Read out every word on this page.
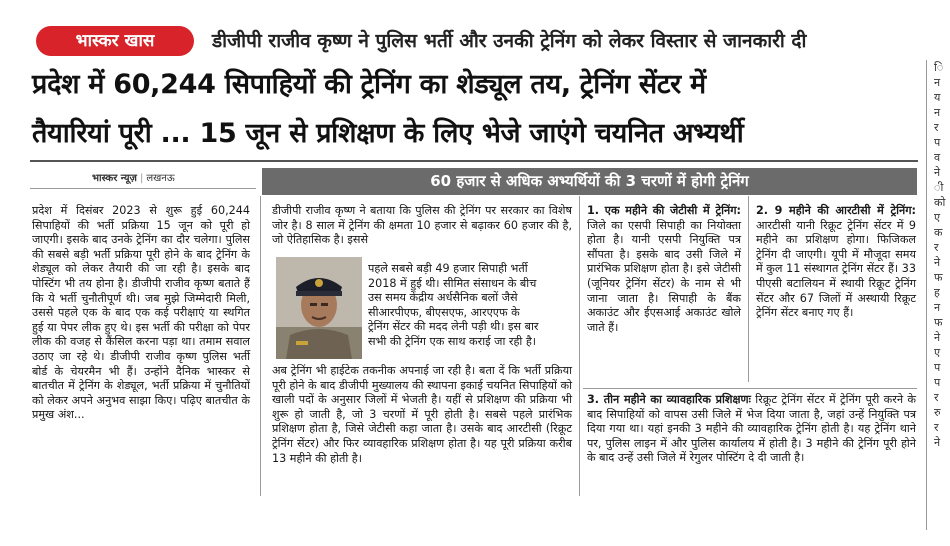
भास्कर खास	डीजीपी राजीव कृष्ण ने पुलिस भर्ती और उनकी ट्रेनिंग को लेकर विस्तार से जानकारी दी
प्रदेश में 60,244 सिपाहियों की ट्रेनिंग का शेड्यूल तय, ट्रेनिंग सेंटर में
तैयारियां पूरी ... 15 जून से प्रशिक्षण के लिए भेजे जाएंगे चयनित अभ्यर्थी
भास्कर न्यूज़ | लखनऊ	60 हजार से अधिक अभ्यर्थियों की 3 चरणों में होगी ट्रेनिंग

प्रदेश में दिसंबर 2023 से शुरू हुई 60,244 सिपाहियों की भर्ती प्रक्रिया 15 जून को पूरी हो जाएगी। इसके बाद उनके ट्रेनिंग का दौर चलेगा। पुलिस की सबसे बड़ी भर्ती प्रक्रिया पूरी होने के बाद ट्रेनिंग के शेड्यूल को लेकर तैयारी की जा रही है। इसके बाद पोस्टिंग भी तय होना है। डीजीपी राजीव कृष्ण बताते हैं कि ये भर्ती चुनौतीपूर्ण थी। जब मुझे जिम्मेदारी मिली, उससे पहले एक के बाद एक कई परीक्षाएं या स्थगित हुई या पेपर लीक हुए थे। इस भर्ती की परीक्षा को पेपर लीक की वजह से कैंसिल करना पड़ा था। तमाम सवाल उठाए जा रहे थे। डीजीपी राजीव कृष्ण पुलिस भर्ती बोर्ड के चेयरमैन भी हैं। उन्होंने दैनिक भास्कर से बातचीत में ट्रेनिंग के शेड्यूल, भर्ती प्रक्रिया में चुनौतियों को लेकर अपने अनुभव साझा किए। पढ़िए बातचीत के प्रमुख अंश...

डीजीपी राजीव कृष्ण ने बताया कि पुलिस की ट्रेनिंग पर सरकार का विशेष जोर है। 8 साल में ट्रेनिंग की क्षमता 10 हजार से बढ़ाकर 60 हजार की है, जो ऐतिहासिक है। इससे

पहले सबसे बड़ी 49 हजार सिपाही भर्ती

2018 में हुई थी। सीमित संसाधन के बीच

उस समय केंद्रीय अर्धसैनिक बलों जैसे

सीआरपीएफ, बीएसएफ, आरएएफ के

ट्रेनिंग सेंटर की मदद लेनी पड़ी थी। इस बार

सभी की ट्रेनिंग एक साथ कराई जा रही है।

अब ट्रेनिंग भी हाईटेक तकनीक अपनाई जा रही है। बता दें कि भर्ती प्रक्रिया पूरी होने के बाद डीजीपी मुख्यालय की स्थापना इकाई चयनित सिपाहियों को खाली पदों के अनुसार जिलों में भेजती है। यहीं से प्रशिक्षण की प्रक्रिया भी शुरू हो जाती है, जो 3 चरणों में पूरी होती है। सबसे पहले प्रारंभिक प्रशिक्षण होता है, जिसे जेटीसी कहा जाता है। उसके बाद आरटीसी (रिक्रूट ट्रेनिंग सेंटर) और फिर व्यावहारिक प्रशिक्षण होता है। यह पूरी प्रक्रिया करीब 13 महीने की होती है।

1. एक महीने की जेटीसी में ट्रेनिंग: जिले का एसपी सिपाही का नियोक्ता होता है। यानी एसपी नियुक्ति पत्र सौंपता है। इसके बाद उसी जिले में प्रारंभिक प्रशिक्षण होता है। इसे जेटीसी (जूनियर ट्रेनिंग सेंटर) के नाम से भी जाना जाता है। सिपाही के बैंक अकाउंट और ईएसआई अकाउंट खोले जाते हैं।

2. 9 महीने की आरटीसी में ट्रेनिंग: आरटीसी यानी रिक्रूट ट्रेनिंग सेंटर में 9 महीने का प्रशिक्षण होगा। फिजिकल ट्रेनिंग दी जाएगी। यूपी में मौजूदा समय में कुल 11 संस्थागत ट्रेनिंग सेंटर हैं। 33 पीएसी बटालियन में स्थायी रिक्रूट ट्रेनिंग सेंटर और 67 जिलों में अस्थायी रिक्रूट ट्रेनिंग सेंटर बनाए गए हैं।

3. तीन महीने का व्यावहारिक प्रशिक्षणः रिक्रूट ट्रेनिंग सेंटर में ट्रेनिंग पूरी करने के बाद सिपाहियों को वापस उसी जिले में भेज दिया जाता है, जहां उन्हें नियुक्ति पत्र दिया गया था। यहां इनकी 3 महीने की व्यावहारिक ट्रेनिंग होती है। यह ट्रेनिंग थाने पर, पुलिस लाइन में और पुलिस कार्यालय में होती है। 3 महीने की ट्रेनिंग पूरी होने के बाद उन्हें उसी जिले में रेगुलर पोस्टिंग दे दी जाती है।

ि
न
य
न
र
प
व
ने
ी
को
ए
क
र
ने
फ
ह
न
फ
ने
ए
प
प
र
रु
र
ने
